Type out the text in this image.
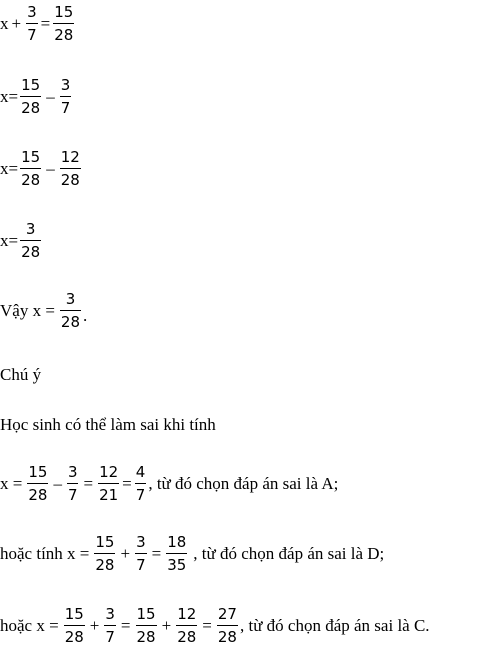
$x + \frac{3}{7} = \frac{15}{28}$
$x= \frac{15}{28} - \frac{3}{7}$
$x= \frac{15}{28} - \frac{12}{28}$
$x= \frac{3}{28}$
Vậy $x = \frac{3}{28}$ .
Chú ý
Học sinh có thể làm sai khi tính
$x = \frac{15}{28} - \frac{3}{7} = \frac{12}{21} = \frac{4}{7}$ , từ đó chọn đáp án sai là A;
hoặc tính $x = \frac{15}{28} + \frac{3}{7} = \frac{18}{35}$ , từ đó chọn đáp án sai là D;
hoặc $x = \frac{15}{28} + \frac{3}{7} = \frac{15}{28} + \frac{12}{28} = \frac{27}{28}$ , từ đó chọn đáp án sai là C.
